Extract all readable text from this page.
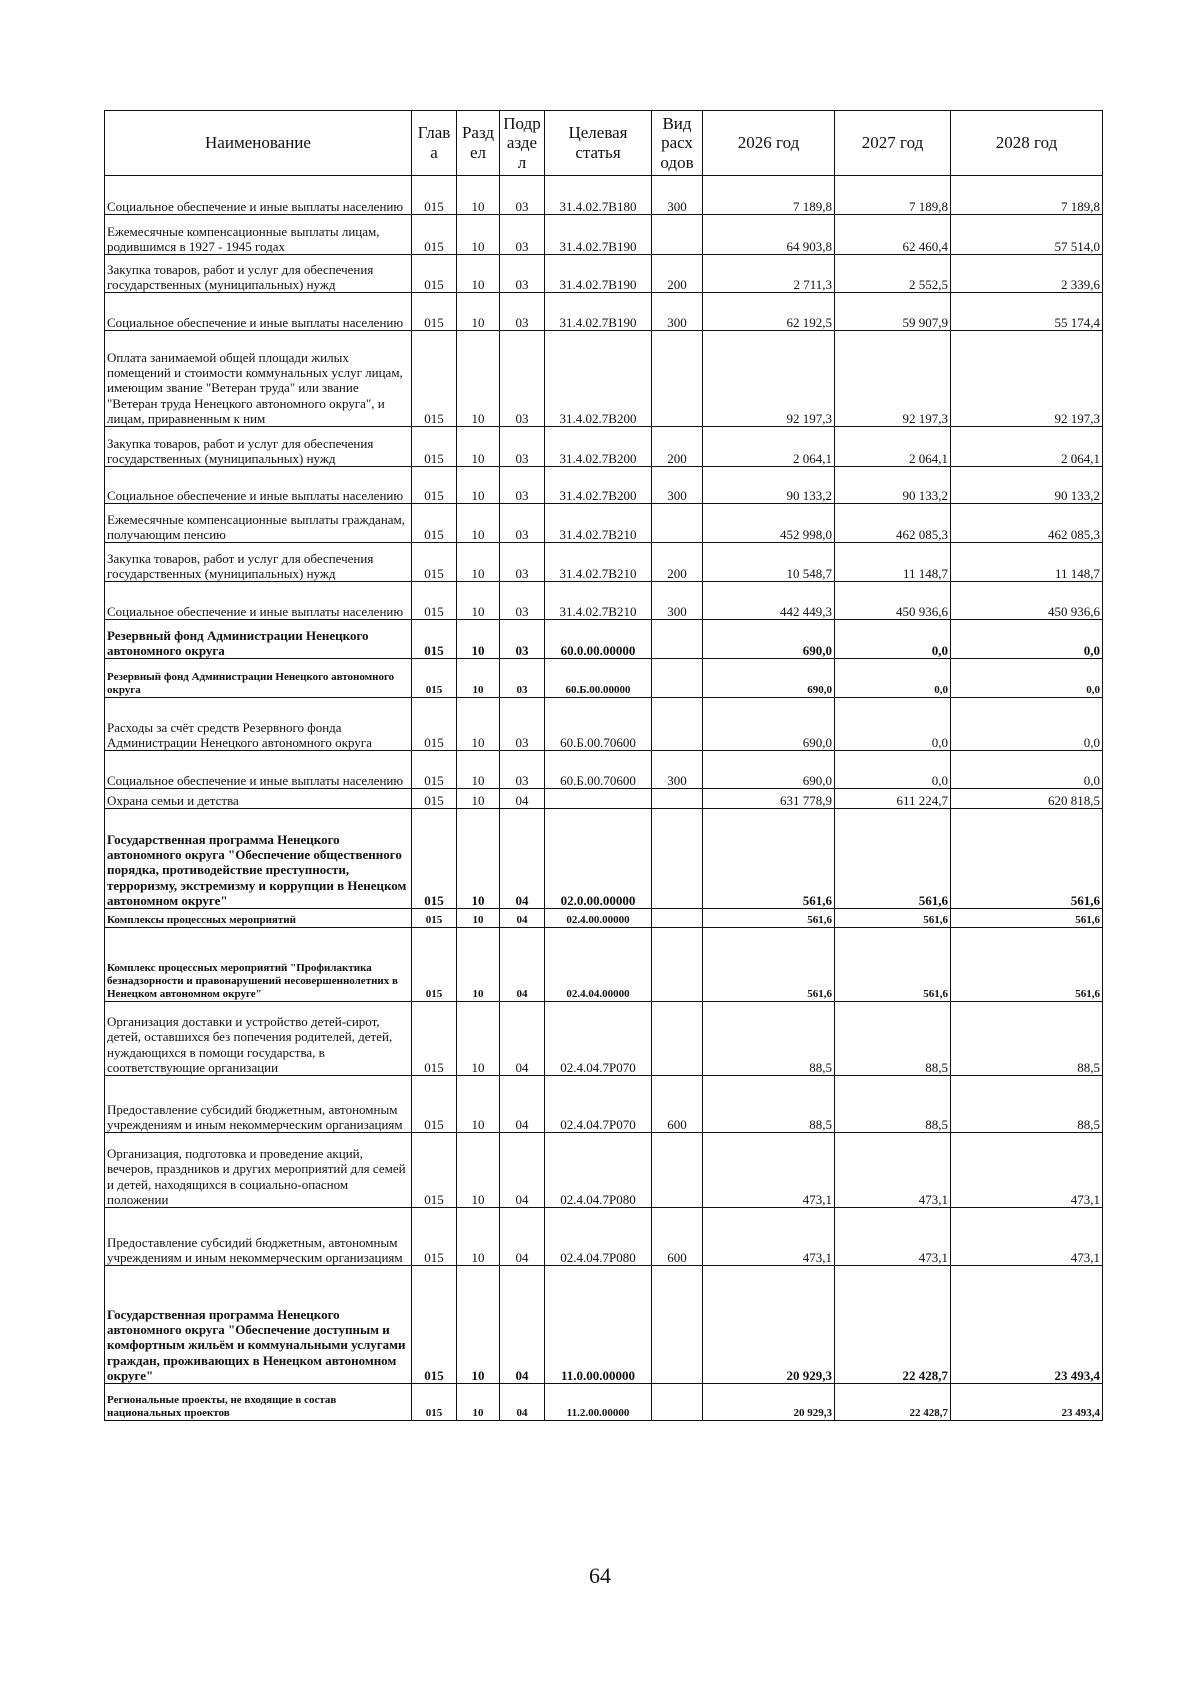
Наименование	Глав а	Разд ел	Подр азде л	Целевая статья	Вид расх одов	2026 год	2027 год	2028 год
Социальное обеспечение и иные выплаты населению	015	10	03	31.4.02.7В180	300	7 189,8	7 189,8	7 189,8
Ежемесячные компенсационные выплаты лицам, родившимся в 1927 - 1945 годах	015	10	03	31.4.02.7В190		64 903,8	62 460,4	57 514,0
Закупка товаров, работ и услуг для обеспечения государственных (муниципальных) нужд	015	10	03	31.4.02.7В190	200	2 711,3	2 552,5	2 339,6
Социальное обеспечение и иные выплаты населению	015	10	03	31.4.02.7В190	300	62 192,5	59 907,9	55 174,4
Оплата занимаемой общей площади жилых помещений и стоимости коммунальных услуг лицам, имеющим звание "Ветеран труда" или звание "Ветеран труда Ненецкого автономного округа", и лицам, приравненным к ним	015	10	03	31.4.02.7В200		92 197,3	92 197,3	92 197,3
Закупка товаров, работ и услуг для обеспечения государственных (муниципальных) нужд	015	10	03	31.4.02.7В200	200	2 064,1	2 064,1	2 064,1
Социальное обеспечение и иные выплаты населению	015	10	03	31.4.02.7В200	300	90 133,2	90 133,2	90 133,2
Ежемесячные компенсационные выплаты гражданам, получающим пенсию	015	10	03	31.4.02.7В210		452 998,0	462 085,3	462 085,3
Закупка товаров, работ и услуг для обеспечения государственных (муниципальных) нужд	015	10	03	31.4.02.7В210	200	10 548,7	11 148,7	11 148,7
Социальное обеспечение и иные выплаты населению	015	10	03	31.4.02.7В210	300	442 449,3	450 936,6	450 936,6
Резервный фонд Администрации Ненецкого автономного округа	015	10	03	60.0.00.00000		690,0	0,0	0,0
Резервный фонд Администрации Ненецкого автономного округа	015	10	03	60.Б.00.00000		690,0	0,0	0,0
Расходы за счёт средств Резервного фонда Администрации Ненецкого автономного округа	015	10	03	60.Б.00.70600		690,0	0,0	0,0
Социальное обеспечение и иные выплаты населению	015	10	03	60.Б.00.70600	300	690,0	0,0	0,0
Охрана семьи и детства	015	10	04			631 778,9	611 224,7	620 818,5
Государственная программа Ненецкого автономного округа "Обеспечение общественного порядка, противодействие преступности, терроризму, экстремизму и коррупции в Ненецком автономном округе"	015	10	04	02.0.00.00000		561,6	561,6	561,6
Комплексы процессных мероприятий	015	10	04	02.4.00.00000		561,6	561,6	561,6
Комплекс процессных мероприятий "Профилактика безнадзорности и правонарушений несовершеннолетних в Ненецком автономном округе"	015	10	04	02.4.04.00000		561,6	561,6	561,6
Организация доставки и устройство детей-сирот, детей, оставшихся без попечения родителей, детей, нуждающихся в помощи государства, в соответствующие организации	015	10	04	02.4.04.7Р070		88,5	88,5	88,5
Предоставление субсидий бюджетным, автономным учреждениям и иным некоммерческим организациям	015	10	04	02.4.04.7Р070	600	88,5	88,5	88,5
Организация, подготовка и проведение акций, вечеров, праздников и других мероприятий для семей и детей, находящихся в социально-опасном положении	015	10	04	02.4.04.7Р080		473,1	473,1	473,1
Предоставление субсидий бюджетным, автономным учреждениям и иным некоммерческим организациям	015	10	04	02.4.04.7Р080	600	473,1	473,1	473,1
Государственная программа Ненецкого автономного округа "Обеспечение доступным и комфортным жильём и коммунальными услугами граждан, проживающих в Ненецком автономном округе"	015	10	04	11.0.00.00000		20 929,3	22 428,7	23 493,4
Региональные проекты, не входящие в состав национальных проектов	015	10	04	11.2.00.00000		20 929,3	22 428,7	23 493,4
64
